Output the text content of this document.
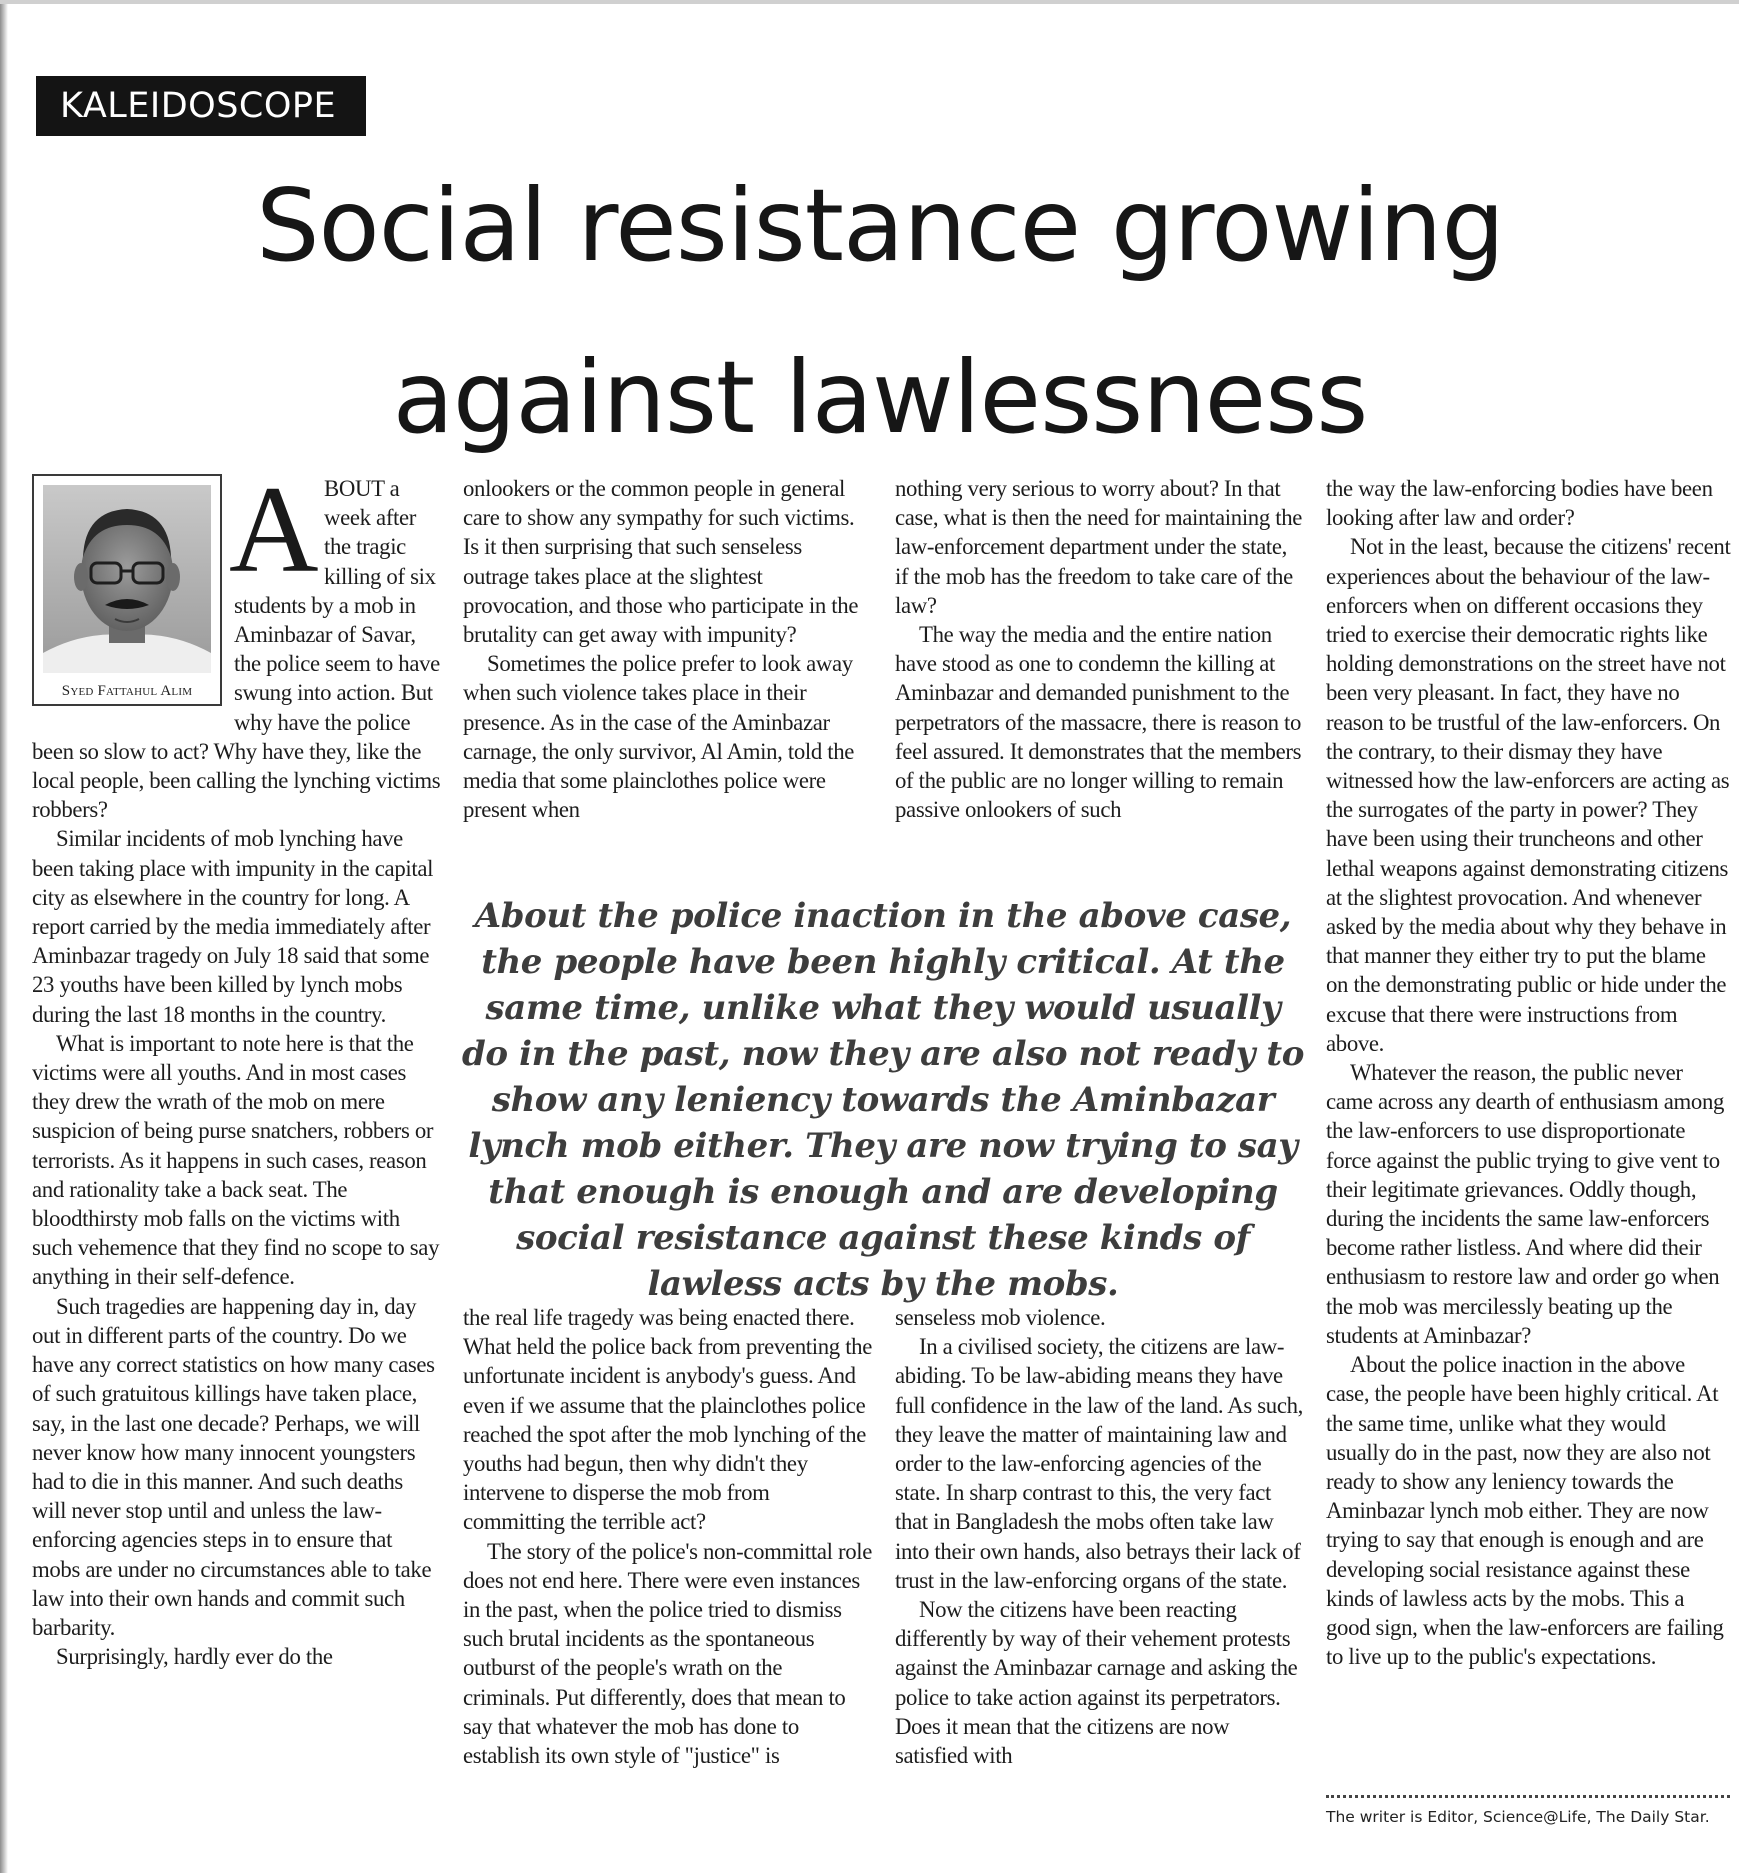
KALEIDOSCOPE
Social resistance growing against lawlessness
Syed Fattahul Alim
A BOUT a week after the tragic killing of six students by a mob in Aminbazar of Savar, the police seem to have swung into action. But why have the police been so slow to act? Why have they, like the local people, been calling the lynching victims robbers?

Similar incidents of mob lynching have been taking place with impunity in the capital city as elsewhere in the country for long. A report carried by the media immediately after Aminbazar tragedy on July 18 said that some 23 youths have been killed by lynch mobs during the last 18 months in the country.

What is important to note here is that the victims were all youths. And in most cases they drew the wrath of the mob on mere suspicion of being purse snatchers, robbers or terrorists. As it happens in such cases, reason and rationality take a back seat. The bloodthirsty mob falls on the victims with such vehemence that they find no scope to say anything in their self-defence.

Such tragedies are happening day in, day out in different parts of the country. Do we have any correct statistics on how many cases of such gratuitous killings have taken place, say, in the last one decade? Perhaps, we will never know how many innocent youngsters had to die in this manner. And such deaths will never stop until and unless the law-enforcing agencies steps in to ensure that mobs are under no circumstances able to take law into their own hands and commit such barbarity.

Surprisingly, hardly ever do the

onlookers or the common people in general care to show any sympathy for such victims. Is it then surprising that such senseless outrage takes place at the slightest provocation, and those who participate in the brutality can get away with impunity?

Sometimes the police prefer to look away when such violence takes place in their presence. As in the case of the Aminbazar carnage, the only survivor, Al Amin, told the media that some plainclothes police were present when

nothing very serious to worry about? In that case, what is then the need for maintaining the law-enforcement department under the state, if the mob has the freedom to take care of the law?

The way the media and the entire nation have stood as one to condemn the killing at Aminbazar and demanded punishment to the perpetrators of the massacre, there is reason to feel assured. It demonstrates that the members of the public are no longer willing to remain passive onlookers of such

About the police inaction in the above case, the people have been highly critical. At the same time, unlike what they would usually do in the past, now they are also not ready to show any leniency towards the Aminbazar lynch mob either. They are now trying to say that enough is enough and are developing social resistance against these kinds of lawless acts by the mobs.

the real life tragedy was being enacted there. What held the police back from preventing the unfortunate incident is anybody's guess. And even if we assume that the plainclothes police reached the spot after the mob lynching of the youths had begun, then why didn't they intervene to disperse the mob from committing the terrible act?

The story of the police's non-committal role does not end here. There were even instances in the past, when the police tried to dismiss such brutal incidents as the spontaneous outburst of the people's wrath on the criminals. Put differently, does that mean to say that whatever the mob has done to establish its own style of "justice" is

senseless mob violence.

In a civilised society, the citizens are law-abiding. To be law-abiding means they have full confidence in the law of the land. As such, they leave the matter of maintaining law and order to the law-enforcing agencies of the state. In sharp contrast to this, the very fact that in Bangladesh the mobs often take law into their own hands, also betrays their lack of trust in the law-enforcing organs of the state.

Now the citizens have been reacting differently by way of their vehement protests against the Aminbazar carnage and asking the police to take action against its perpetrators. Does it mean that the citizens are now satisfied with

the way the law-enforcing bodies have been looking after law and order?

Not in the least, because the citizens' recent experiences about the behaviour of the law-enforcers when on different occasions they tried to exercise their democratic rights like holding demonstrations on the street have not been very pleasant. In fact, they have no reason to be trustful of the law-enforcers. On the contrary, to their dismay they have witnessed how the law-enforcers are acting as the surrogates of the party in power? They have been using their truncheons and other lethal weapons against demonstrating citizens at the slightest provocation. And whenever asked by the media about why they behave in that manner they either try to put the blame on the demonstrating public or hide under the excuse that there were instructions from above.

Whatever the reason, the public never came across any dearth of enthusiasm among the law-enforcers to use disproportionate force against the public trying to give vent to their legitimate grievances. Oddly though, during the incidents the same law-enforcers become rather listless. And where did their enthusiasm to restore law and order go when the mob was mercilessly beating up the students at Aminbazar?

About the police inaction in the above case, the people have been highly critical. At the same time, unlike what they would usually do in the past, now they are also not ready to show any leniency towards the Aminbazar lynch mob either. They are now trying to say that enough is enough and are developing social resistance against these kinds of lawless acts by the mobs. This a good sign, when the law-enforcers are failing to live up to the public's expectations.

The writer is Editor, Science@Life, The Daily Star.
